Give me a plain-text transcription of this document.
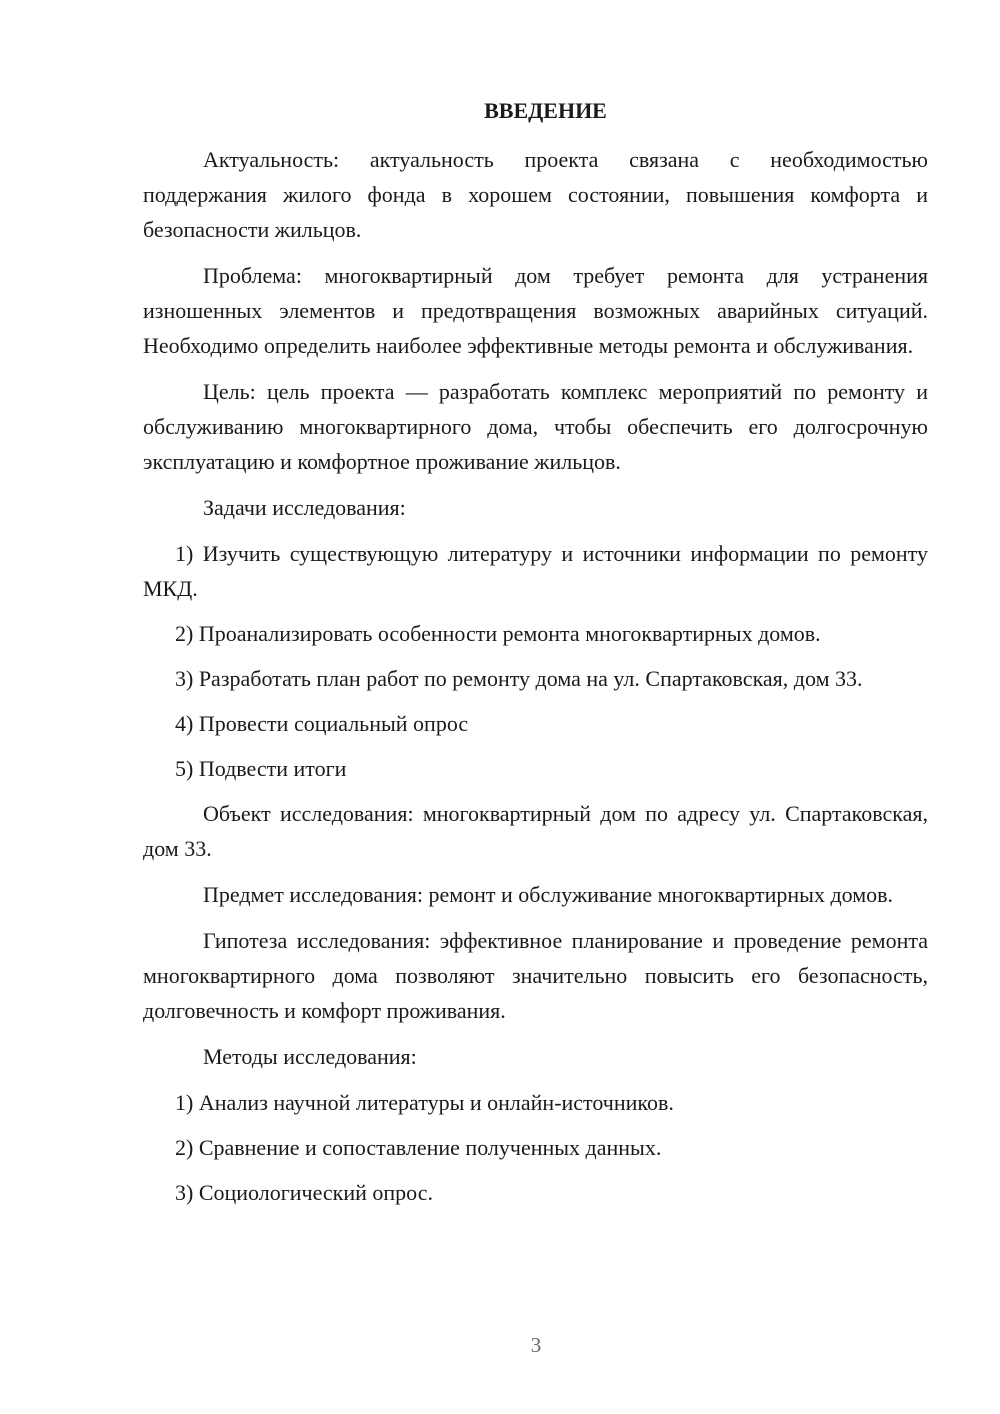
ВВЕДЕНИЕ

Актуальность: актуальность проекта связана с необходимостью поддержания жилого фонда в хорошем состоянии, повышения комфорта и безопасности жильцов.

Проблема: многоквартирный дом требует ремонта для устранения изношенных элементов и предотвращения возможных аварийных ситуаций. Необходимо определить наиболее эффективные методы ремонта и обслуживания.

Цель: цель проекта — разработать комплекс мероприятий по ремонту и обслуживанию многоквартирного дома, чтобы обеспечить его долгосрочную эксплуатацию и комфортное проживание жильцов.

Задачи исследования:

1) Изучить существующую литературу и источники информации по ремонту МКД.

2) Проанализировать особенности ремонта многоквартирных домов.

3) Разработать план работ по ремонту дома на ул. Спартаковская, дом 33.

4) Провести социальный опрос

5) Подвести итоги

Объект исследования: многоквартирный дом по адресу ул. Спартаковская, дом 33.

Предмет исследования: ремонт и обслуживание многоквартирных домов.

Гипотеза исследования: эффективное планирование и проведение ремонта многоквартирного дома позволяют значительно повысить его безопасность, долговечность и комфорт проживания.

Методы исследования:

1) Анализ научной литературы и онлайн-источников.

2) Сравнение и сопоставление полученных данных.

3) Социологический опрос.

3
